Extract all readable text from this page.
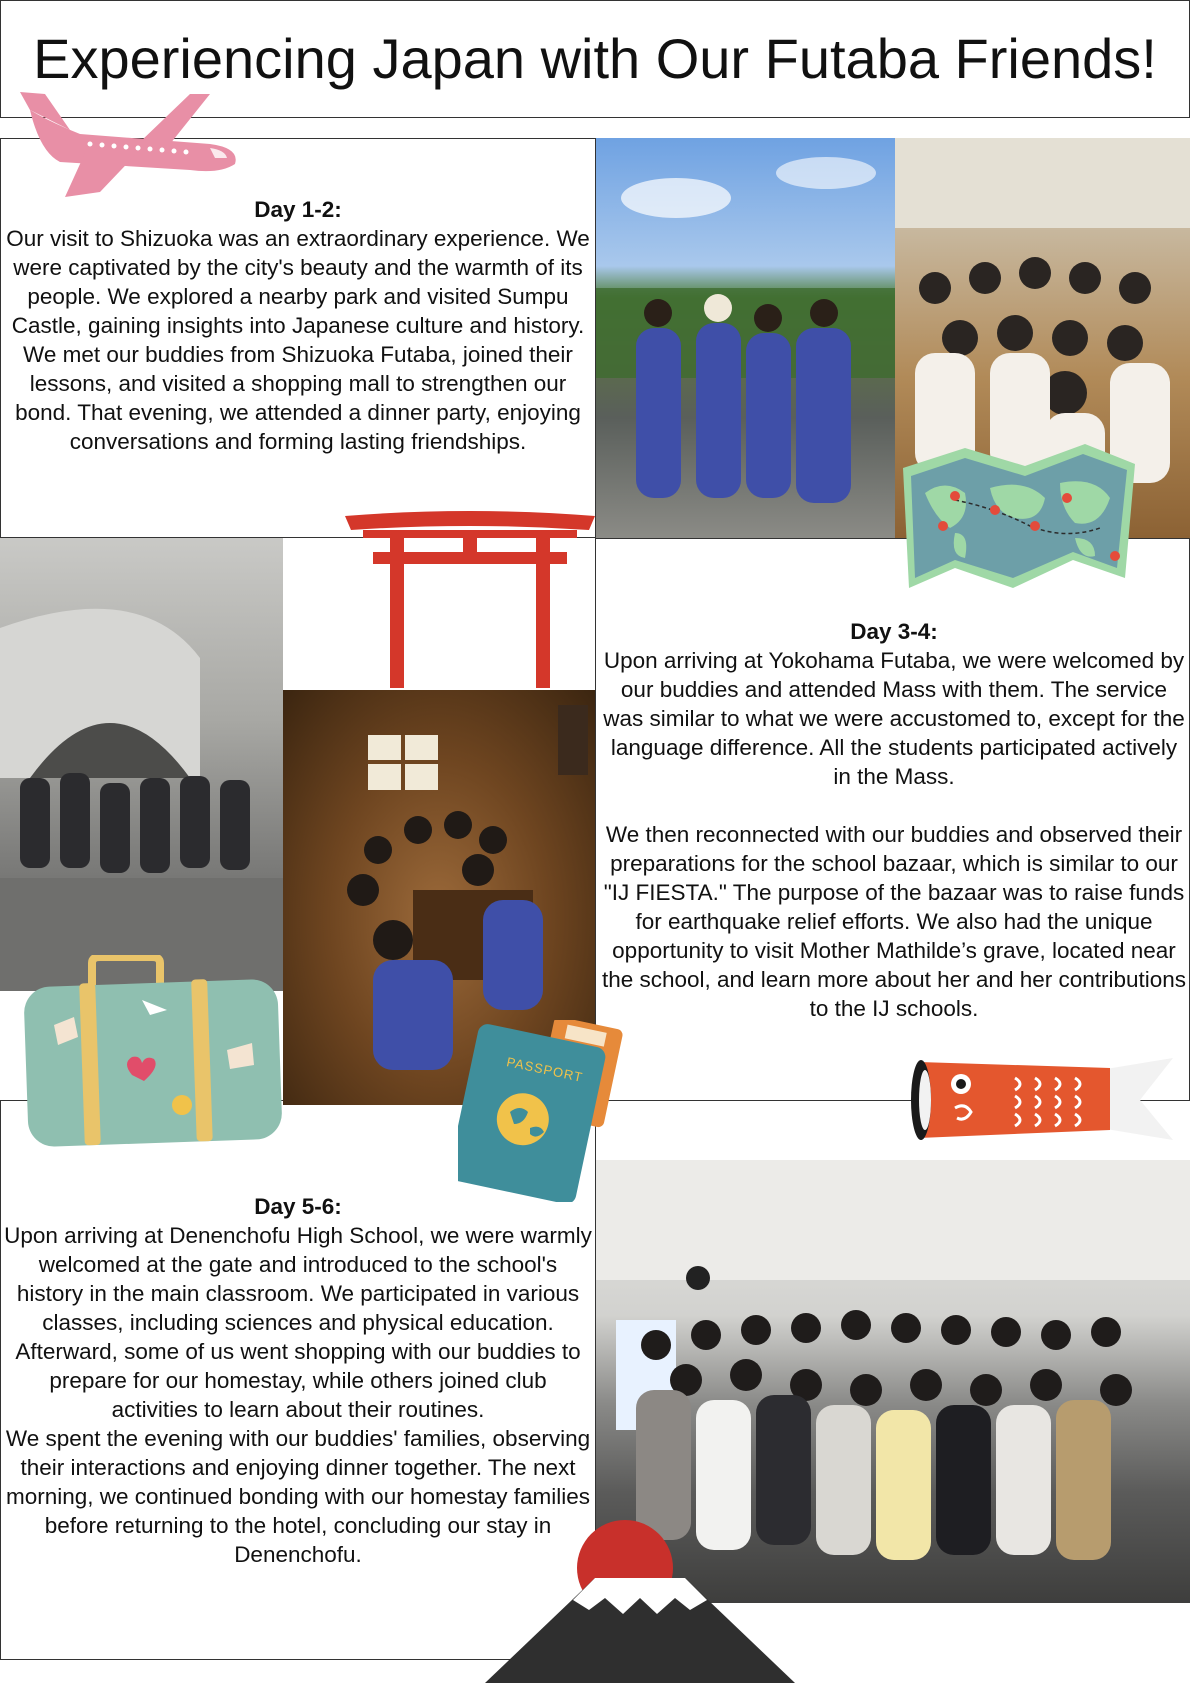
Experiencing Japan with Our Futaba Friends!
Day 1-2:
Our visit to Shizuoka was an extraordinary experience. We were captivated by the city's beauty and the warmth of its people. We explored a nearby park and visited Sumpu Castle, gaining insights into Japanese culture and history.
We met our buddies from Shizuoka Futaba, joined their lessons, and visited a shopping mall to strengthen our bond. That evening, we attended a dinner party, enjoying conversations and forming lasting friendships.
Day 3-4:
Upon arriving at Yokohama Futaba, we were welcomed by our buddies and attended Mass with them. The service was similar to what we were accustomed to, except for the language difference. All the students participated actively in the Mass.
We then reconnected with our buddies and observed their preparations for the school bazaar, which is similar to our "IJ FIESTA." The purpose of the bazaar was to raise funds for earthquake relief efforts. We also had the unique opportunity to visit Mother Mathilde’s grave, located near the school, and learn more about her and her contributions to the IJ schools.
Day 5-6:
Upon arriving at Denenchofu High School, we were warmly welcomed at the gate and introduced to the school's history in the main classroom. We participated in various classes, including sciences and physical education. Afterward, some of us went shopping with our buddies to prepare for our homestay, while others joined club activities to learn about their routines.
We spent the evening with our buddies' families, observing their interactions and enjoying dinner together. The next morning, we continued bonding with our homestay families before returning to the hotel, concluding our stay in Denenchofu.
PASSPORT
